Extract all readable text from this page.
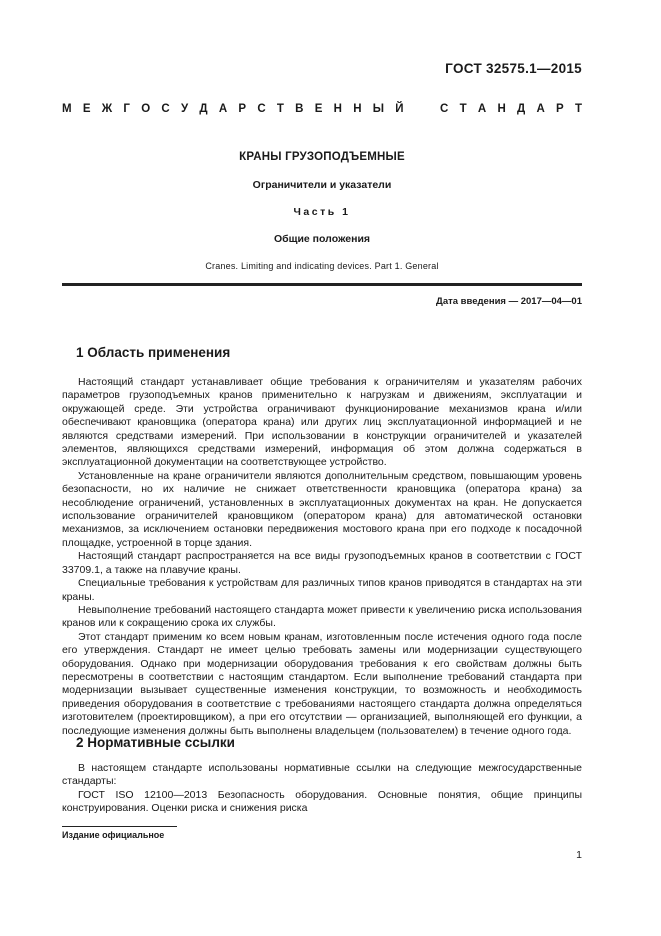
ГОСТ 32575.1—2015
М Е Ж Г О С У Д А Р С Т В Е Н Н Ы Й	С Т А Н Д А Р Т
КРАНЫ ГРУЗОПОДЪЕМНЫЕ
Ограничители и указатели
Часть 1
Общие положения
Cranes. Limiting and indicating devices. Part 1. General
Дата введения — 2017—04—01
1 Область применения

Настоящий стандарт устанавливает общие требования к ограничителям и указателям рабочих параметров грузоподъемных кранов применительно к нагрузкам и движениям, эксплуатации и окружающей среде. Эти устройства ограничивают функционирование механизмов крана и/или обеспечивают крановщика (оператора крана) или других лиц эксплуатационной информацией и не являются средствами измерений. При использовании в конструкции ограничителей и указателей элементов, являющихся средствами измерений, информация об этом должна содержаться в эксплуатационной документации на соответствующее устройство.

Установленные на кране ограничители являются дополнительным средством, повышающим уровень безопасности, но их наличие не снижает ответственности крановщика (оператора крана) за несоблюдение ограничений, установленных в эксплуатационных документах на кран. Не допускается использование ограничителей крановщиком (оператором крана) для автоматической остановки механизмов, за исключением остановки передвижения мостового крана при его подходе к посадочной площадке, устроенной в торце здания.

Настоящий стандарт распространяется на все виды грузоподъемных кранов в соответствии с ГОСТ 33709.1, а также на плавучие краны.

Специальные требования к устройствам для различных типов кранов приводятся в стандартах на эти краны.

Невыполнение требований настоящего стандарта может привести к увеличению риска использования кранов или к сокращению срока их службы.

Этот стандарт применим ко всем новым кранам, изготовленным после истечения одного года после его утверждения. Стандарт не имеет целью требовать замены или модернизации существующего оборудования. Однако при модернизации оборудования требования к его свойствам должны быть пересмотрены в соответствии с настоящим стандартом. Если выполнение требований стандарта при модернизации вызывает существенные изменения конструкции, то возможность и необходимость приведения оборудования в соответствие с требованиями настоящего стандарта должна определяться изготовителем (проектировщиком), а при его отсутствии — организацией, выполняющей его функции, а последующие изменения должны быть выполнены владельцем (пользователем) в течение одного года.

2 Нормативные ссылки

В настоящем стандарте использованы нормативные ссылки на следующие межгосударственные стандарты:

ГОСТ ISO 12100—2013 Безопасность оборудования. Основные понятия, общие принципы конструирования. Оценки риска и снижения риска

Издание официальное
1
